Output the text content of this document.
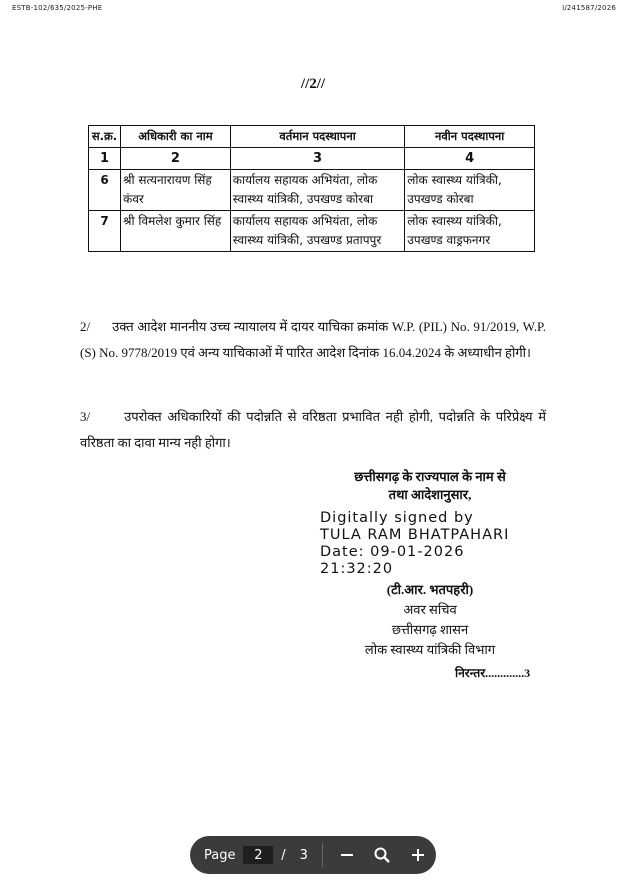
ESTB-102/635/2025-PHE	I/241587/2026
//2//
स.क्र.	अधिकारी का नाम	वर्तमान पदस्थापना	नवीन पदस्थापना
1	2	3	4
6	श्री सत्यनारायण सिंह कंवर	कार्यालय सहायक अभियंता, लोक स्वास्थ्य यांत्रिकी, उपखण्ड कोरबा	लोक स्वास्थ्य यांत्रिकी, उपखण्ड कोरबा
7	श्री विमलेश कुमार सिंह	कार्यालय सहायक अभियंता, लोक स्वास्थ्य यांत्रिकी, उपखण्ड प्रतापपुर	लोक स्वास्थ्य यांत्रिकी, उपखण्ड वाड्रफनगर
2/ उक्त आदेश माननीय उच्च न्यायालय में दायर याचिका क्रमांक W.P. (PIL) No. 91/2019, W.P.(S) No. 9778/2019 एवं अन्य याचिकाओं में पारित आदेश दिनांक 16.04.2024 के अध्याधीन होगी।
3/	उपरोक्त अधिकारियों की पदोन्नति से वरिष्ठता प्रभावित नही होगी, पदोन्नति के परिप्रेक्ष्य में वरिष्ठता का दावा मान्य नही होगा।
छत्तीसगढ़ के राज्यपाल के नाम से
तथा आदेशानुसार,
Digitally signed by
TULA RAM BHATPAHARI
Date: 09-01-2026
21:32:20
(टी.आर. भतपहरी)
अवर सचिव
छत्तीसगढ़ शासन
लोक स्वास्थ्य यांत्रिकी विभाग
निरन्तर.............3
Page	2	/ 3
